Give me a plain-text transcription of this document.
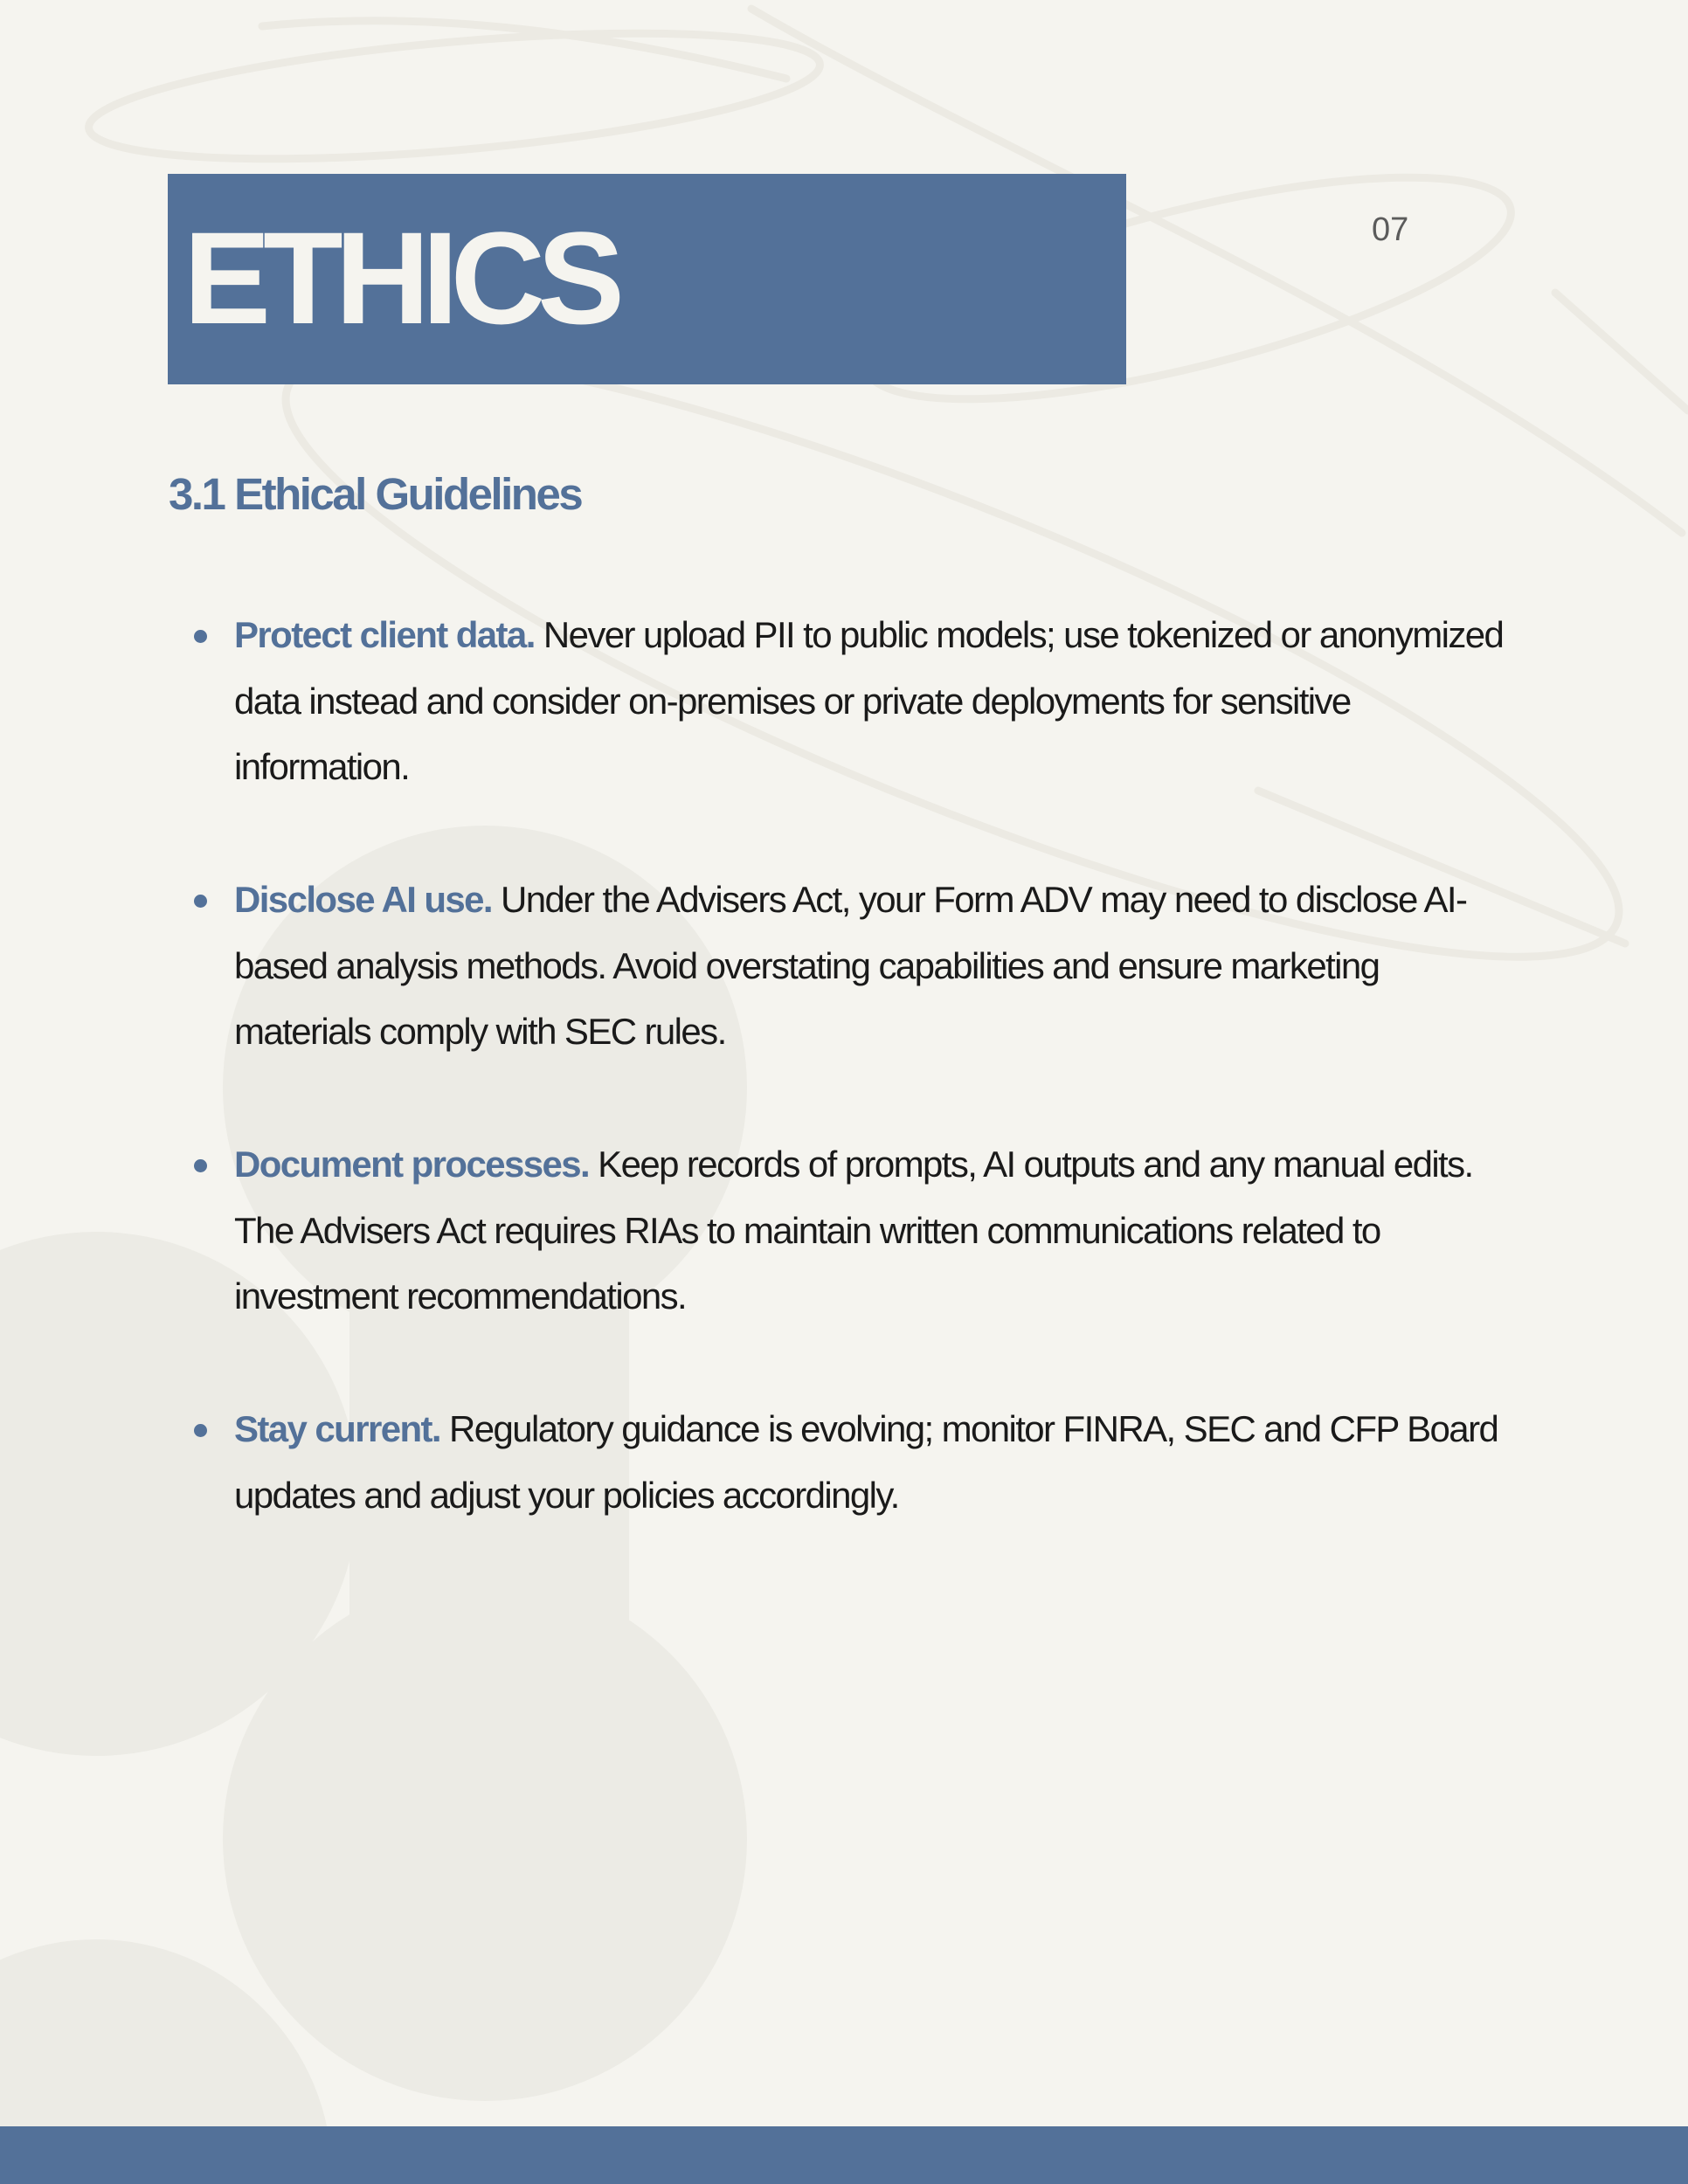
ETHICS	07
3.1 Ethical Guidelines

Protect client data. Never upload PII to public models; use tokenized or anonymized data instead and consider on-premises or private deployments for sensitive information.

Disclose AI use. Under the Advisers Act, your Form ADV may need to disclose AI-based analysis methods. Avoid overstating capabilities and ensure marketing materials comply with SEC rules.

Document processes. Keep records of prompts, AI outputs and any manual edits. The Advisers Act requires RIAs to maintain written communications related to investment recommendations.

Stay current. Regulatory guidance is evolving; monitor FINRA, SEC and CFP Board updates and adjust your policies accordingly.
